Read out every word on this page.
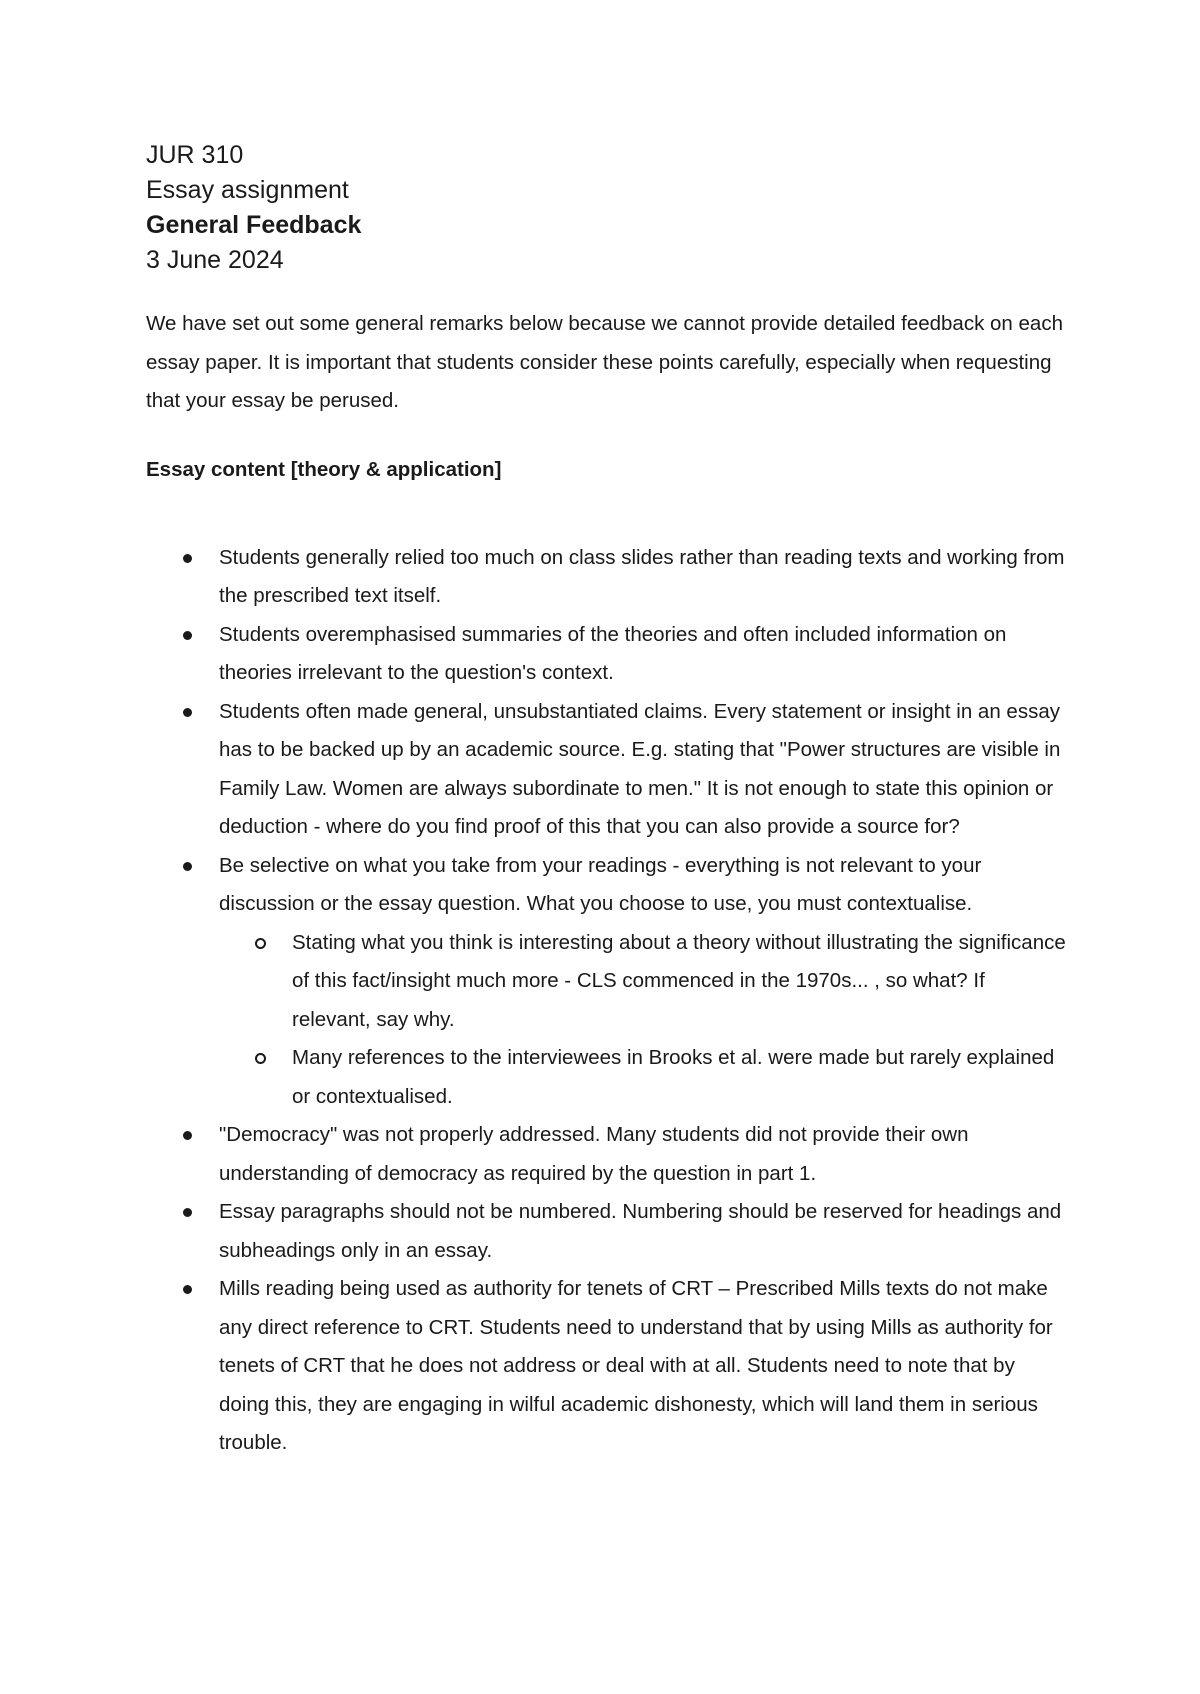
JUR 310

Essay assignment

General Feedback

3 June 2024

We have set out some general remarks below because we cannot provide detailed feedback on each essay paper. It is important that students consider these points carefully, especially when requesting that your essay be perused.
Essay content [theory & application]
Students generally relied too much on class slides rather than reading texts and working from the prescribed text itself.
Students overemphasised summaries of the theories and often included information on theories irrelevant to the question's context.
Students often made general, unsubstantiated claims. Every statement or insight in an essay has to be backed up by an academic source. E.g. stating that "Power structures are visible in Family Law. Women are always subordinate to men." It is not enough to state this opinion or deduction - where do you find proof of this that you can also provide a source for?
Be selective on what you take from your readings - everything is not relevant to your discussion or the essay question. What you choose to use, you must contextualise.
Stating what you think is interesting about a theory without illustrating the significance of this fact/insight much more - CLS commenced in the 1970s... , so what? If relevant, say why.
Many references to the interviewees in Brooks et al. were made but rarely explained or contextualised.
"Democracy" was not properly addressed. Many students did not provide their own understanding of democracy as required by the question in part 1.
Essay paragraphs should not be numbered. Numbering should be reserved for headings and subheadings only in an essay.
Mills reading being used as authority for tenets of CRT – Prescribed Mills texts do not make any direct reference to CRT. Students need to understand that by using Mills as authority for tenets of CRT that he does not address or deal with at all. Students need to note that by doing this, they are engaging in wilful academic dishonesty, which will land them in serious trouble.
